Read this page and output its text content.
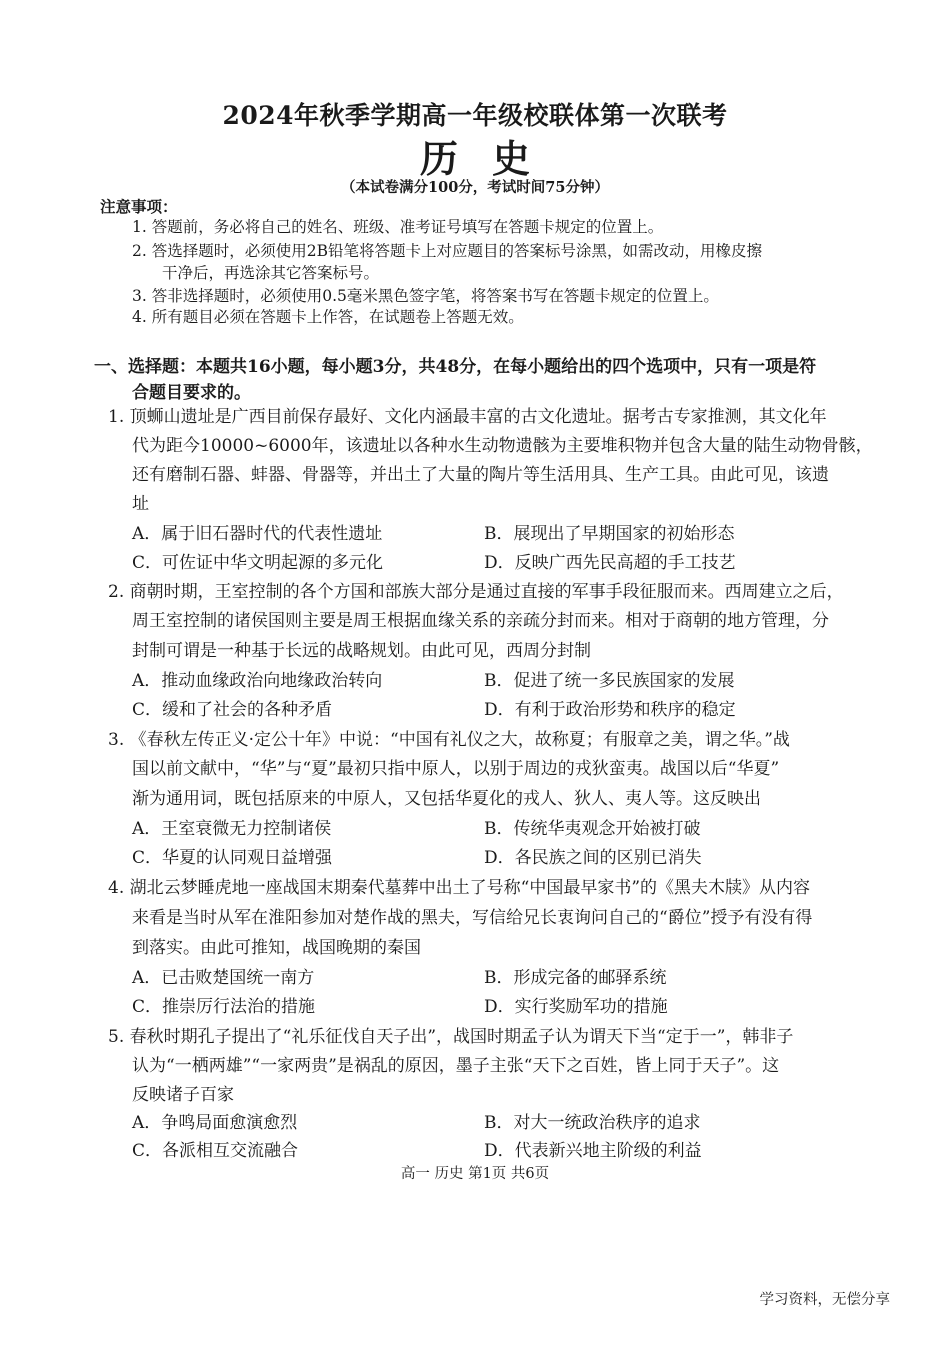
2024年秋季学期高一年级校联体第一次联考
历史
（本试卷满分100分，考试时间75分钟）
注意事项：
1. 答题前，务必将自己的姓名、班级、准考证号填写在答题卡规定的位置上。
2. 答选择题时，必须使用2B铅笔将答题卡上对应题目的答案标号涂黑，如需改动，用橡皮擦
干净后，再选涂其它答案标号。
3. 答非选择题时，必须使用0.5毫米黑色签字笔，将答案书写在答题卡规定的位置上。
4. 所有题目必须在答题卡上作答，在试题卷上答题无效。
一、选择题：本题共16小题，每小题3分，共48分，在每小题给出的四个选项中，只有一项是符
合题目要求的。
1. 顶蛳山遗址是广西目前保存最好、文化内涵最丰富的古文化遗址。据考古专家推测，其文化年
代为距今10000~6000年，该遗址以各种水生动物遗骸为主要堆积物并包含大量的陆生动物骨骸，
还有磨制石器、蚌器、骨器等，并出土了大量的陶片等生活用具、生产工具。由此可见，该遗
址
A．属于旧石器时代的代表性遗址	B．展现出了早期国家的初始形态
C．可佐证中华文明起源的多元化	D．反映广西先民高超的手工技艺
2. 商朝时期，王室控制的各个方国和部族大部分是通过直接的军事手段征服而来。西周建立之后，
周王室控制的诸侯国则主要是周王根据血缘关系的亲疏分封而来。相对于商朝的地方管理，分
封制可谓是一种基于长远的战略规划。由此可见，西周分封制
A．推动血缘政治向地缘政治转向	B．促进了统一多民族国家的发展
C．缓和了社会的各种矛盾	D．有利于政治形势和秩序的稳定
3. 《春秋左传正义·定公十年》中说：“中国有礼仪之大，故称夏；有服章之美，谓之华。”战
国以前文献中，“华”与“夏”最初只指中原人，以别于周边的戎狄蛮夷。战国以后“华夏”
渐为通用词，既包括原来的中原人，又包括华夏化的戎人、狄人、夷人等。这反映出
A．王室衰微无力控制诸侯	B．传统华夷观念开始被打破
C．华夏的认同观日益增强	D．各民族之间的区别已消失
4. 湖北云梦睡虎地一座战国末期秦代墓葬中出土了号称“中国最早家书”的《黑夫木牍》从内容
来看是当时从军在淮阳参加对楚作战的黑夫，写信给兄长衷询问自己的“爵位”授予有没有得
到落实。由此可推知，战国晚期的秦国
A．已击败楚国统一南方	B．形成完备的邮驿系统
C．推崇厉行法治的措施	D．实行奖励军功的措施
5. 春秋时期孔子提出了“礼乐征伐自天子出”，战国时期孟子认为谓天下当“定于一”，韩非子
认为“一栖两雄”“一家两贵”是祸乱的原因，墨子主张“天下之百姓，皆上同于天子”。这
反映诸子百家
A．争鸣局面愈演愈烈	B．对大一统政治秩序的追求
C．各派相互交流融合	D．代表新兴地主阶级的利益
高一 历史 第1页 共6页
学习资料，无偿分享
